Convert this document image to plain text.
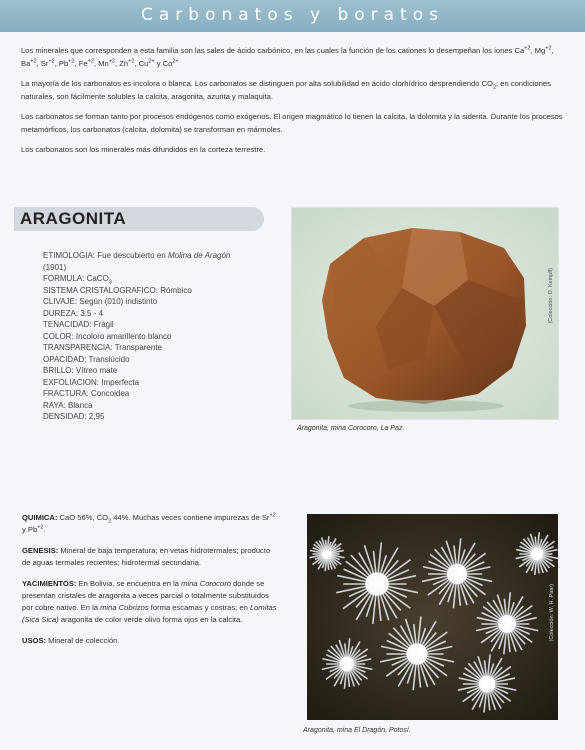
Carbonatos y boratos

Los minerales que corresponden a esta familia son las sales de ácido carbónico, en las cuales la función de los cationes lo desempeñan los iones $Ca^{+2}$, $Mg^{+2}$, $Ba^{+2}$, $Sr^{+2}$, $Pb^{+2}$, $Fe^{+2}$, $Mn^{+2}$, $Zn^{+2}$, $Cu^{2+}$ y $Co^{2+}$

La mayoría de los carbonatos es incolora o blanca. Los carbonatos se distinguen por alta solubilidad en ácido clorhídrico desprendiendo $CO_2$; en condiciones naturales, son fácilmente solubles la calcita, aragonita, azurita y malaquita.

Los carbonatos se forman tanto por procesos endógenos como exógenos. El origen magmático lo tienen la calcita, la dolomita y la siderita. Durante los procesos metamórficos, los carbonatos (calcita, dolomita) se transforman en mármoles.

Los carbonatos son los minerales más difundidos en la corteza terrestre.

ARAGONITA
ETIMOLOGIA: Fue descubierto en Molina de Aragón (1901)
FORMULA: CaCO$_3$
SISTEMA CRISTALOGRAFICO: Rómbico
CLIVAJE: Según (010) indistinto
DUREZA: 3,5 - 4
TENACIDAD: Frágil
COLOR: Incoloro amarillento blanco
TRANSPARENCIA: Transparente
OPACIDAD: Translúcido
BRILLO: Vítreo mate
EXFOLIACION: Imperfecta
FRACTURA: Concoidea
RAYA: Blanca
DENSIDAD: 2,95
(Colección: O. Kempff)
Aragonita, mina Corocoro, La Paz.

QUIMICA: CaO 56%, $CO_2$ 44%. Muchas veces contiene impurezas de $Sr^{+2}$ y $Pb^{+2}$.

GENESIS: Mineral de baja temperatura; en vetas hidrotermales; producto de aguas termales recientes; hidrotermal secundaria.

YACIMIENTOS: En Bolivia, se encuentra en la mina Corocoro donde se presentan cristales de aragonita a veces parcial o totalmente substituidos por cobre nativo. En la mina Cobrizos forma escamas y costras; en Lomitas (Sica Sica) aragonita de color verde olivo forma ojos en la calcita.

USOS: Mineral de colección.	(Colección: W. H. Paar)
Aragonita, mina El Dragón, Potosí.
